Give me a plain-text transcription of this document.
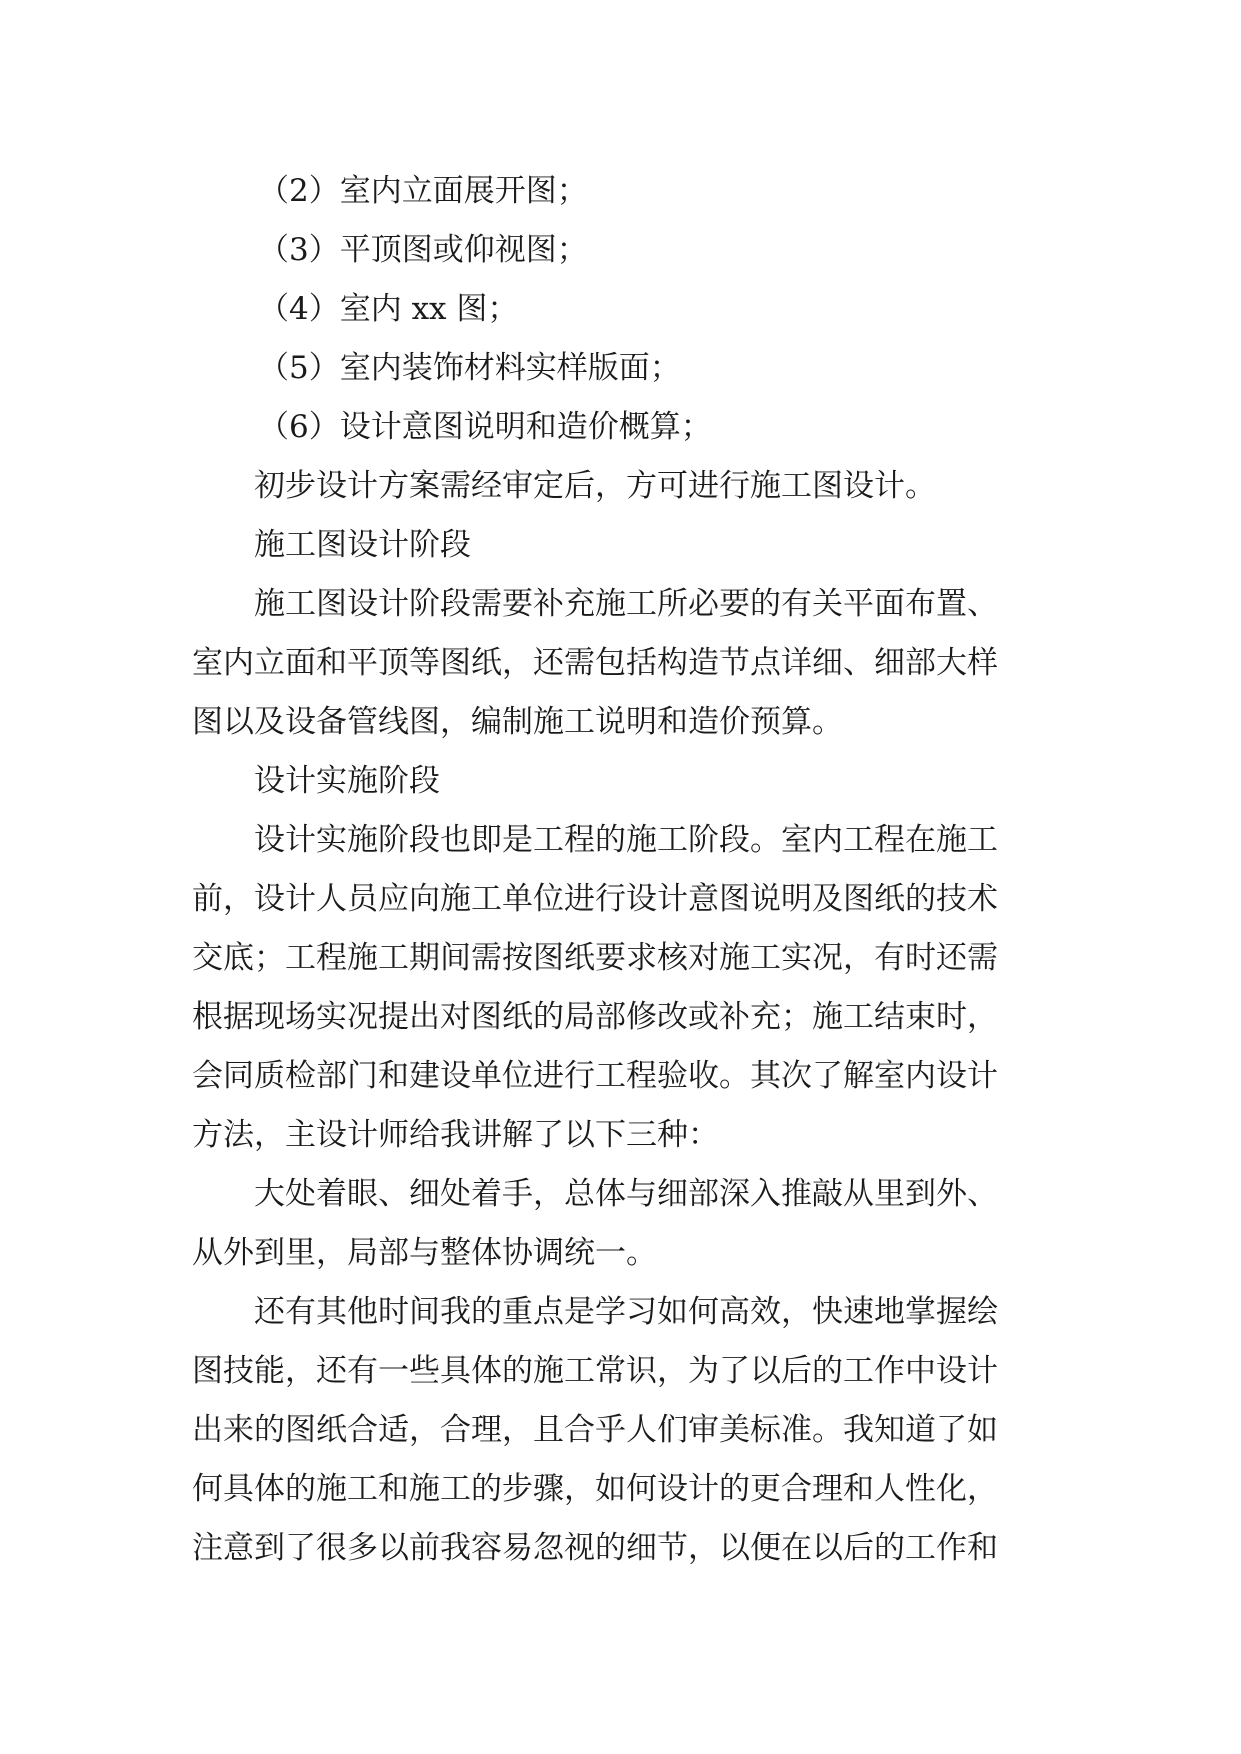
（2）室内立面展开图；
（3）平顶图或仰视图；
（4）室内 xx 图；
（5）室内装饰材料实样版面；
（6）设计意图说明和造价概算；
初步设计方案需经审定后，方可进行施工图设计。
施工图设计阶段
施工图设计阶段需要补充施工所必要的有关平面布置、
室内立面和平顶等图纸，还需包括构造节点详细、细部大样
图以及设备管线图，编制施工说明和造价预算。
设计实施阶段
设计实施阶段也即是工程的施工阶段。室内工程在施工
前，设计人员应向施工单位进行设计意图说明及图纸的技术
交底；工程施工期间需按图纸要求核对施工实况，有时还需
根据现场实况提出对图纸的局部修改或补充；施工结束时，
会同质检部门和建设单位进行工程验收。其次了解室内设计
方法，主设计师给我讲解了以下三种：
大处着眼、细处着手，总体与细部深入推敲从里到外、
从外到里，局部与整体协调统一。
还有其他时间我的重点是学习如何高效，快速地掌握绘
图技能，还有一些具体的施工常识，为了以后的工作中设计
出来的图纸合适，合理，且合乎人们审美标准。我知道了如
何具体的施工和施工的步骤，如何设计的更合理和人性化，
注意到了很多以前我容易忽视的细节，以便在以后的工作和
